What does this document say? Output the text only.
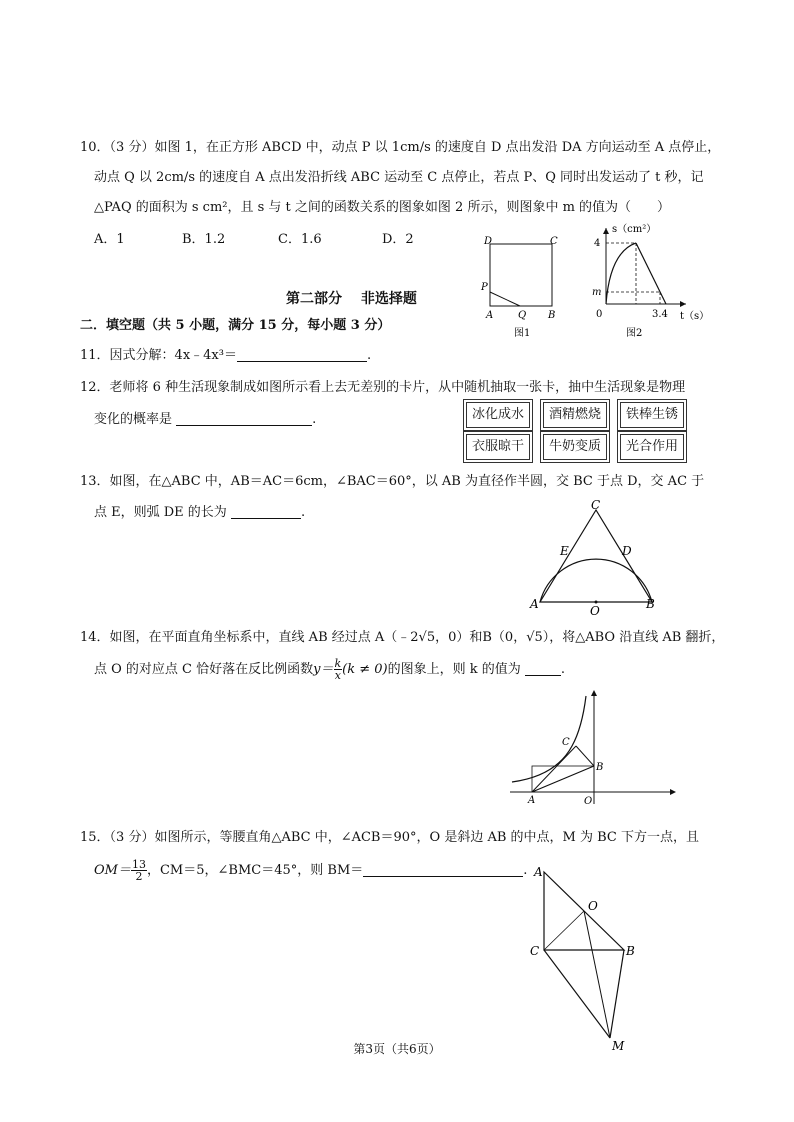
10．（3 分）如图 1，在正方形 ABCD 中，动点 P 以 1cm/s 的速度自 D 点出发沿 DA 方向运动至 A 点停止，
动点 Q 以 2cm/s 的速度自 A 点出发沿折线 ABC 运动至 C 点停止，若点 P、Q 同时出发运动了 t 秒，记
△PAQ 的面积为 s cm²，且 s 与 t 之间的函数关系的图象如图 2 所示，则图象中 m 的值为（　　）
A．1	B．1.2	C．1.6	D．2	D	C
P
A Q B
图1
s（cm²）
4
m
0	3.4 t（s）
图2
第二部分　 非选择题
二．填空题（共 5 小题，满分 15 分，每小题 3 分）
11．因式分解：4x﹣4x³＝	.
12．老师将 6 种生活现象制成如图所示看上去无差别的卡片，从中随机抽取一张卡，抽中生活现象是物理
变化的概率是	.	冰化成水	酒精燃烧	铁棒生锈
衣服晾干	牛奶变质	光合作用
13．如图，在△ABC 中，AB＝AC＝6cm，∠BAC＝60°，以 AB 为直径作半圆，交 BC 于点 D，交 AC 于
点 E，则弧 DE 的长为	.	C
E	D
A	O	B
14．如图，在平面直角坐标系中，直线 AB 经过点 A（﹣2√5，0）和B（0，√5），将△ABO 沿直线 AB 翻折，
点 O 的对应点 C 恰好落在反比例函数$y= \frac{k}{x} (k \ne 0)$的图象上，则 k 的值为	.
C
B
A	O
15．（3 分）如图所示，等腰直角△ABC 中，∠ACB＝90°，O 是斜边 AB 的中点，M 为 BC 下方一点，且
$OM= \frac{13}{2}$ ，CM＝5，∠BMC＝45°，则 BM＝	. A
O
C	B
M
第3页（共6页）
